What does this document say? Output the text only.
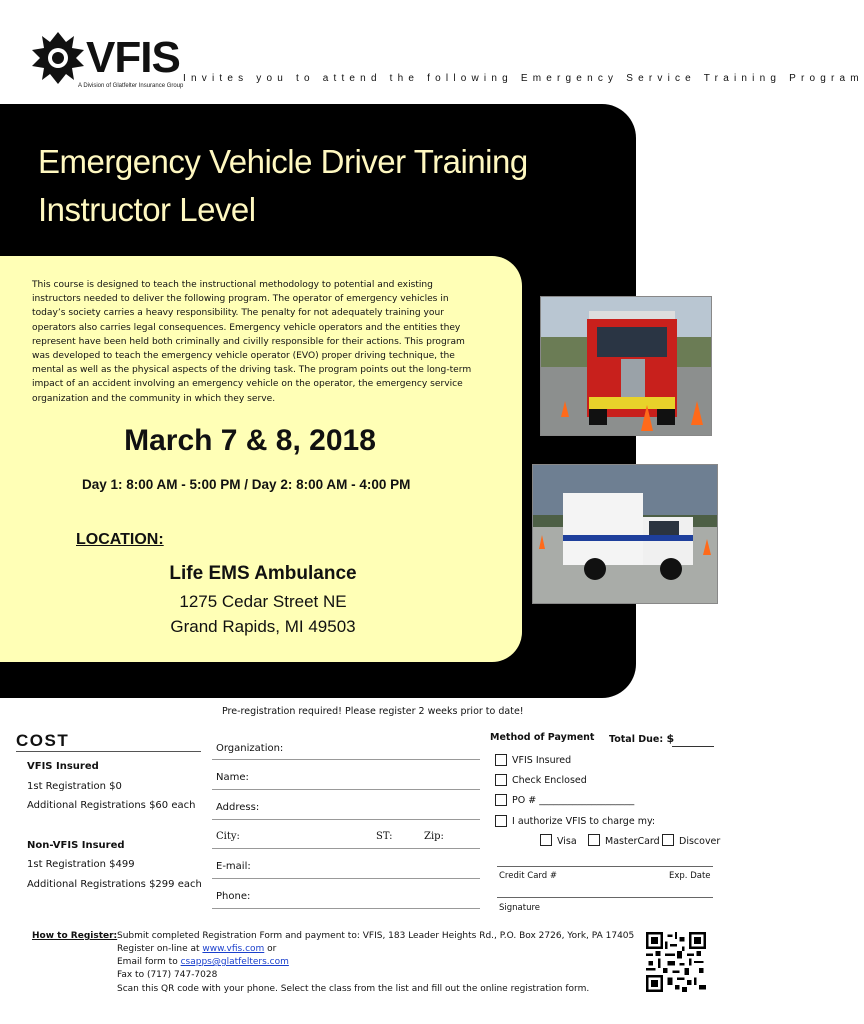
VFIS
A Division of Glatfelter Insurance Group
Invites you to attend the following Emergency Service Training Program
Emergency Vehicle Driver Training
Instructor Level
This course is designed to teach the instructional methodology to potential and existing instructors needed to deliver the following program. The operator of emergency vehicles in today’s society carries a heavy responsibility. The penalty for not adequately training your operators also carries legal consequences. Emergency vehicle operators and the entities they represent have been held both criminally and civilly responsible for their actions. This program was developed to teach the emergency vehicle operator (EVO) proper driving technique, the mental as well as the physical aspects of the driving task. The program points out the long-term impact of an accident involving an emergency vehicle on the operator, the emergency service organization and the community in which they serve.
March 7 & 8, 2018
Day 1: 8:00 AM - 5:00 PM / Day 2: 8:00 AM - 4:00 PM
LOCATION:
Life EMS Ambulance
1275 Cedar Street NE
Grand Rapids, MI 49503
Pre-registration required! Please register 2 weeks prior to date!
COST
VFIS Insured
1st Registration $0
Additional Registrations $60 each
Non-VFIS Insured
1st Registration $499
Additional Registrations $299 each
Organization:
Name:
Address:
City:	ST:	Zip:
E-mail:
Phone:
Method of Payment Total Due: $
VFIS Insured
Check Enclosed
PO # ____________________
I authorize VFIS to charge my:
Visa	MasterCard Discover
Credit Card #	Exp. Date
Signature
How to Register: Submit completed Registration Form and payment to: VFIS, 183 Leader Heights Rd., P.O. Box 2726, York, PA 17405
Register on-line at www.vfis.com or
Email form to csapps@glatfelters.com
Fax to (717) 747-7028
Scan this QR code with your phone. Select the class from the list and fill out the online registration form.
